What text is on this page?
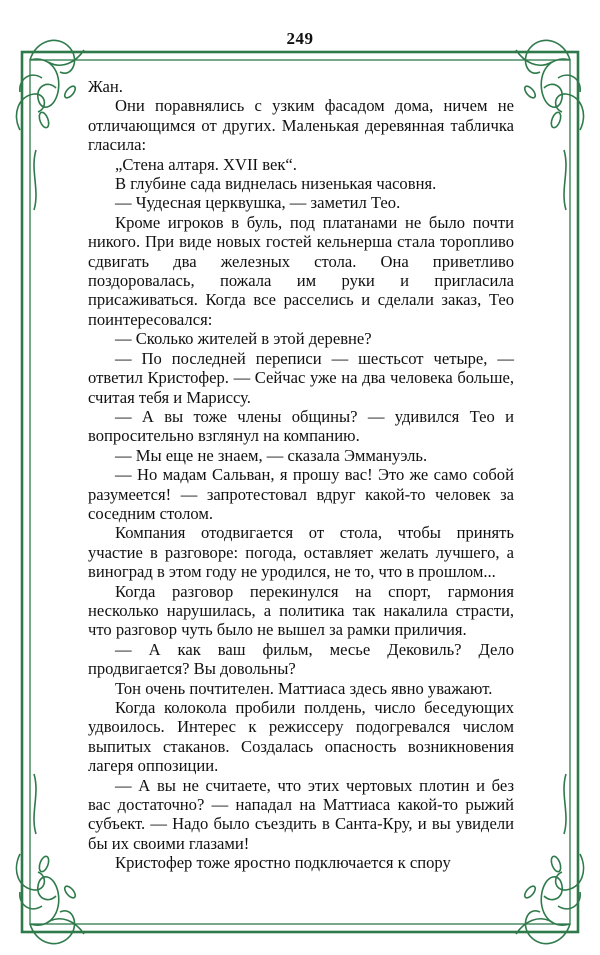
249

Жан.

Они поравнялись с узким фасадом дома, ничем не отличающимся от других. Маленькая деревянная табличка гласила:

„Стена алтаря. XVII век“.

В глубине сада виднелась низенькая часовня.

— Чудесная церквушка, — заметил Тео.

Кроме игроков в буль, под платанами не было почти никого. При виде новых гостей кельнерша стала торопливо сдвигать два железных стола. Она приветливо поздоровалась, пожала им руки и пригласила присаживаться. Когда все расселись и сделали заказ, Тео поинтересовался:

— Сколько жителей в этой деревне?

— По последней переписи — шестьсот четыре, — ответил Кристофер. — Сейчас уже на два человека больше, считая тебя и Мариссу.

— А вы тоже члены общины? — удивился Тео и вопросительно взглянул на компанию.

— Мы еще не знаем, — сказала Эммануэль.

— Но мадам Сальван, я прошу вас! Это же само собой разумеется! — запротестовал вдруг какой-то человек за соседним столом.

Компания отодвигается от стола, чтобы принять участие в разговоре: погода, оставляет желать лучшего, а виноград в этом году не уродился, не то, что в прошлом...

Когда разговор перекинулся на спорт, гармония несколько нарушилась, а политика так накалила страсти, что разговор чуть было не вышел за рамки приличия.

— А как ваш фильм, месье Дековиль? Дело продвигается? Вы довольны?

Тон очень почтителен. Маттиаса здесь явно уважают.

Когда колокола пробили полдень, число беседующих удвоилось. Интерес к режиссеру подогревался числом выпитых стаканов. Создалась опасность возникновения лагеря оппозиции.

— А вы не считаете, что этих чертовых плотин и без вас достаточно? — нападал на Маттиаса какой-то рыжий субъект. — Надо было съездить в Санта-Кру, и вы увидели бы их своими глазами!

Кристофер тоже яростно подключается к спору
